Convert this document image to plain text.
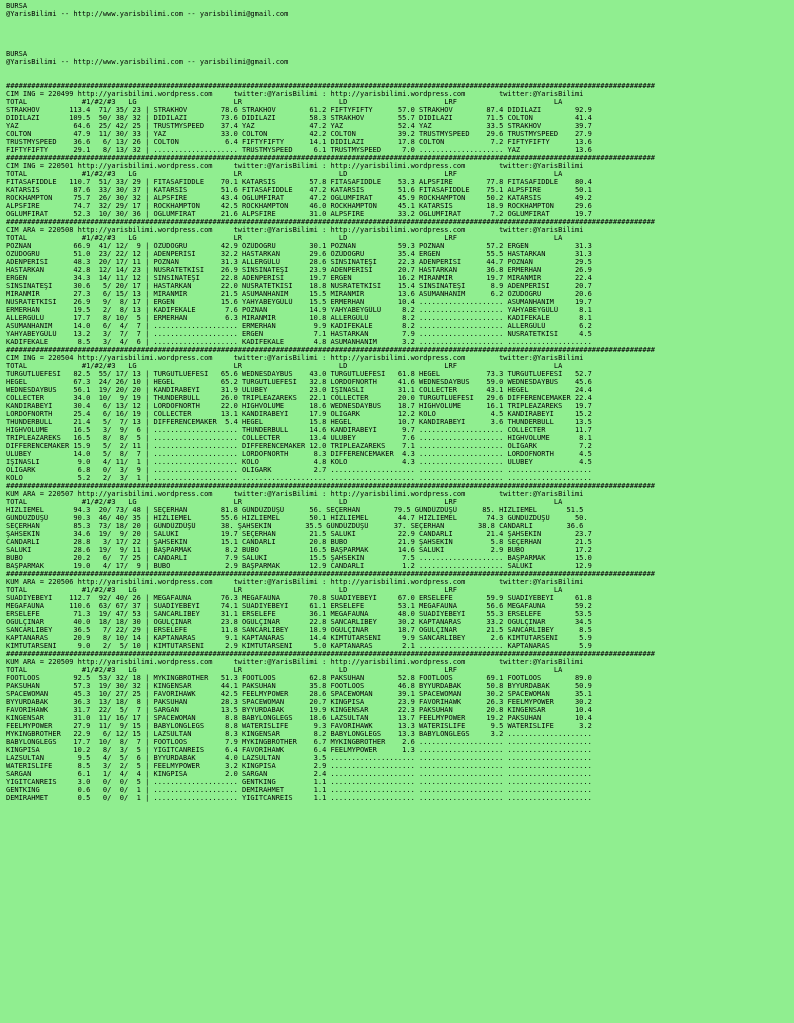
BURSA
@YarisBilimi -- http://www.yarisbilimi.com -- yarisbilimi@gmail.com
BURSA
@YarisBilimi -- http://www.yarisbilimi.com -- yarisbilimi@gmail.com
##########################################################################################################################################################
CIM ING = 220499 http://yarisbilimi.wordpress.com     twitter:@YarisBilimi : http://yarisbilimi.wordpress.com        twitter:@YarisBilimi
TOTAL             #1/#2/#3   LG                       LR                       LD                       LRF                       LA
STRAKHOV       113.4  71/ 35/ 23 | STRAKHOV        78.6 STRAKHOV        61.2 FIFTYFIFTY      57.0 STRAKHOV        87.4 DİDİLAZI        92.9
DİDİLAZI       109.5  50/ 38/ 32 | DİDİLAZI        73.6 DİDİLAZI        58.3 STRAKHOV        55.7 DİDİLAZI        71.5 COLTON          41.4
YAZ             64.6  25/ 42/ 25 | TRUSTMYSPEED    37.4 YAZ             47.2 YAZ             52.4 YAZ             33.5 STRAKHOV        39.7
COLTON          47.9  11/ 30/ 33 | YAZ             33.0 COLTON          42.2 COLTON          39.2 TRUSTMYSPEED    29.6 TRUSTMYSPEED    27.9
TRUSTMYSPEED    36.6   6/ 13/ 26 | COLTON           6.4 FIFTYFIFTY      14.1 DİDİLAZI        17.8 COLTON           7.2 FIFTYFIFTY      13.6
FIFTYFIFTY      29.1   8/ 13/ 32 | .................... TRUSTMYSPEED     6.1 TRUSTMYSPEED     7.0 .................... YAZ             13.6
##########################################################################################################################################################
CIM ING = 220501 http://yarisbilimi.wordpress.com     twitter:@YarisBilimi : http://yarisbilimi.wordpress.com        twitter:@YarisBilimi
TOTAL             #1/#2/#3   LG                       LR                       LD                       LRF                       LA
FITASAFIDDLE   110.7  51/ 33/ 29 | FITASAFIDDLE    70.1 KATARSİS        57.8 FITASAFIDDLE    53.3 ALPSFIRE        77.8 FITASAFIDDLE    80.4
KATARSİS        87.6  33/ 30/ 37 | KATARSİS        51.6 FITASAFIDDLE    47.2 KATARSİS        51.6 FITASAFIDDLE    75.1 ALPSFIRE        50.1
ROCKHAMPTON     75.7  26/ 30/ 32 | ALPSFIRE        43.4 OĞLUMFIRAT      47.2 OĞLUMFIRAT      45.9 ROCKHAMPTON     50.2 KATARSİS        49.2
ALPSFIRE        74.7  32/ 29/ 17 | ROCKHAMPTON     42.5 ROCKHAMPTON     46.0 ROCKHAMPTON     45.1 KATARSİS        18.9 ROCKHAMPTON     29.6
OĞLUMFIRAT      52.3  10/ 30/ 36 | OĞLUMFIRAT      21.6 ALPSFIRE        31.0 ALPSFIRE        33.2 OĞLUMFIRAT       7.2 OĞLUMFIRAT      19.7
##########################################################################################################################################################
CIM ARA = 220508 http://yarisbilimi.wordpress.com     twitter:@YarisBilimi : http://yarisbilimi.wordpress.com        twitter:@YarisBilimi
TOTAL             #1/#2/#3   LG                       LR                       LD                       LRF                       LA
POZNAN          66.9  41/ 12/  9 | ÖZÜDOĞRU        42.9 ÖZÜDOĞRU        30.1 POZNAN          59.3 POZNAN          57.2 ERGEN           31.3
ÖZÜDOĞRU        51.0  23/ 22/ 12 | ADENPERİSİ      32.2 HASTARKAN       29.6 ÖZÜDOĞRU        35.4 ERGEN           55.5 HASTARKAN       31.3
ADENPERİSİ      48.3  20/ 17/ 11 | POZNAN          31.3 ALLERGÜLÜ       28.6 SİNSİNATEŞİ     22.3 ADENPERİSİ      44.7 POZNAN          29.5
HASTARKAN       42.8  12/ 14/ 23 | NUSRATETKİSİ    26.9 SİNSİNATEŞİ     23.9 ADENPERİSİ      20.7 HASTARKAN       36.8 ERMERHAN        26.9
ERGEN           34.3  14/ 11/ 12 | SİNSİNATEŞİ     22.8 ADENPERİSİ      19.7 ERGEN           16.2 MİRANMİR        19.7 MİRANMİR        22.4
SİNSİNATEŞİ     30.6   5/ 20/ 17 | HASTARKAN       22.0 NUSRATETKİSİ    18.8 NUSRATETKİSİ    15.4 SİNSİNATEŞİ      8.9 ADENPERİSİ      20.7
MİRANMİR        27.3   6/ 15/ 13 | MİRANMİR        21.5 ASUMANHANIM     15.5 MİRANMİR        13.6 ASUMANHANIM      6.2 ÖZÜDOĞRU        20.6
NUSRATETKİSİ    26.9   9/  8/ 17 | ERGEN           15.6 YAHYABEYGÜLÜ    15.5 ERMERHAN        10.4 .................... ASUMANHANIM     19.7
ERMERHAN        19.5   2/  8/ 13 | KADİFEKALE       7.6 POZNAN          14.9 YAHYABEYGÜLÜ     8.2 .................... YAHYABEYGÜLÜ     8.1
ALLERGÜLÜ       17.7   8/ 10/  5 | ERMERHAN         6.3 MİRANMİR        10.8 ALLERGÜLÜ        8.2 .................... KADİFEKALE       8.1
ASUMANHANIM     14.0   6/  4/  7 | .................... ERMERHAN         9.9 KADİFEKALE       8.2 .................... ALLERGÜLÜ        6.2
YAHYABEYGÜLÜ    13.2   3/  7/  7 | .................... ERGEN            7.1 HASTARKAN        7.9 .................... NUSRATETKİSİ     4.5
KADİFEKALE       8.5   3/  4/  6 | .................... KADİFEKALE       4.8 ASUMANHANIM      3.2 .................... ....................
##########################################################################################################################################################
CIM ING = 220504 http://yarisbilimi.wordpress.com     twitter:@YarisBilimi : http://yarisbilimi.wordpress.com        twitter:@YarisBilimi
TOTAL             #1/#2/#3   LG                       LR                       LD                       LRF                       LA
TURGUTLUEFESİ   82.5  55/ 17/ 13 | TURGUTLUEFESİ   65.6 WEDNESDAYBUS    43.0 TURGUTLUEFESİ   61.8 HEGEL           73.3 TURGUTLUEFESİ   52.7
HEGEL           67.3  24/ 26/ 10 | HEGEL           65.2 TURGUTLUEFESİ   32.8 LORDOFNORTH     41.6 WEDNESDAYBUS    59.0 WEDNESDAYBUS    45.6
WEDNESDAYBUS    56.1  19/ 20/ 20 | KANDIRABEYİ     31.9 ULUBEY          23.0 IŞINASLI        31.1 COLLECTER       43.1 HEGEL           24.4
COLLECTER       34.0  10/  9/ 19 | THUNDERBULL     26.0 TRIPLEAZAREKS   22.1 COLLECTER       20.0 TURGUTLUEFESİ   29.6 DIFFERENCEMAKER 22.4
KANDIRABEYİ     30.4   6/ 13/ 12 | LORDOFNORTH     22.0 HIGHVOLUME      18.6 WEDNESDAYBUS    18.7 HIGHVOLUME      16.1 TRIPLEAZAREKS   19.7
LORDOFNORTH     25.4   6/ 16/ 19 | COLLECTER       13.1 KANDIRABEYİ     17.9 OLİGARK         12.2 KOLO             4.5 KANDIRABEYİ     15.2
THUNDERBULL     21.4   5/  7/ 13 | DIFFERENCEMAKER  5.4 HEGEL           15.8 HEGEL           10.7 KANDIRABEYİ      3.6 THUNDERBULL     13.5
HIGHVOLUME      16.5   3/  9/  6 | .................... THUNDERBULL     14.6 KANDIRABEYİ      9.7 .................... COLLECTER       11.7
TRIPLEAZAREKS   16.5   8/  8/  5 | .................... COLLECTER       13.4 ULUBEY           7.6 .................... HIGHVOLUME       8.1
DIFFERENCEMAKER 15.9   5/  2/ 11 | .................... DIFFERENCEMAKER 12.0 TRIPLEAZAREKS    7.1 .................... OLİGARK          7.2
ULUBEY          14.0   5/  8/  7 | .................... LORDOFNORTH      8.3 DIFFERENCEMAKER  4.3 .................... LORDOFNORTH      4.5
IŞINASLI         9.0   4/ 11/  1 | .................... KOLO             4.8 KOLO             4.3 .................... ULUBEY           4.5
OLİGARK          6.8   0/  3/  9 | .................... OLİGARK          2.7 .................... .................... ....................
KOLO             5.2   2/  3/  1 | .................... .................... .................... .................... ....................
##########################################################################################################################################################
KUM ARA = 220507 http://yarisbilimi.wordpress.com     twitter:@YarisBilimi : http://yarisbilimi.wordpress.com        twitter:@YarisBilimi
TOTAL             #1/#2/#3   LG                       LR                       LD                       LRF                       LA
HIZLIEMEL       94.3  20/ 73/ 48 | SEÇERHAN        81.8 GÜNDÜZDÜŞÜ      56. SEÇERHAN        79.5 GÜNDÜZDÜŞÜ      85. HIZLIEMEL       51.5
GÜNDÜZDÜŞÜ      90.3  46/ 40/ 35 | HIZLIEMEL       55.6 HIZLIEMEL       50.1 HIZLIEMEL       44.7 HIZLIEMEL       74.3 GÜNDÜZDÜŞÜ      50.
SEÇERHAN        85.3  73/ 18/ 20 | GÜNDÜZDÜŞÜ      38. ŞAHSEKİN        35.5 GÜNDÜZDÜŞÜ      37. SEÇERHAN        38.8 CANDARLI        36.6
ŞAHSEKİN        34.6  19/  9/ 20 | SALUKİ          19.7 SEÇERHAN        21.5 SALUKİ          22.9 CANDARLI        21.4 ŞAHSEKİN        23.7
CANDARLI        28.8   3/ 17/ 22 | ŞAHSEKİN        15.1 CANDARLI        20.8 BUBO            21.9 ŞAHSEKİN         5.8 SEÇERHAN        21.5
SALUKİ          28.6  19/  9/ 11 | BAŞPARMAK        8.2 BUBO            16.5 BAŞPARMAK       14.6 SALUKİ           2.9 BUBO            17.2
BUBO            20.2   6/  7/ 25 | CANDARLI         7.9 SALUKİ          15.5 ŞAHSEKİN         7.5 .................... BAŞPARMAK       15.0
BAŞPARMAK       19.0   4/ 17/  9 | BUBO             2.9 BAŞPARMAK       12.9 CANDARLI         1.2 .................... SALUKİ          12.9
##########################################################################################################################################################
KUM ARA = 220506 http://yarisbilimi.wordpress.com     twitter:@YarisBilimi : http://yarisbilimi.wordpress.com        twitter:@YarisBilimi
TOTAL             #1/#2/#3   LG                       LR                       LD                       LRF                       LA
SUADİYEBEYİ    112.7  92/ 40/ 26 | MEGAFAUNA       76.3 MEGAFAUNA       70.8 SUADİYEBEYİ     67.0 ERSELEFE        59.9 SUADİYEBEYİ     61.8
MEGAFAUNA      110.6  63/ 67/ 37 | SUADİYEBEYİ     74.1 SUADİYEBEYİ     61.1 ERSELEFE        53.1 MEGAFAUNA       56.6 MEGAFAUNA       59.2
ERSELEFE        71.3  19/ 47/ 53 | SANCARLIBEY     31.1 ERSELEFE        36.1 MEGAFAUNA       48.0 SUADİYEBEYİ     55.3 ERSELEFE        53.5
OĞULÇINAR       40.0  18/ 18/ 30 | OĞULÇINAR       23.8 OĞULÇINAR       22.8 SANCARLIBEY     30.2 KAPTANARAS      33.2 OĞULÇINAR       34.5
SANCARLIBEY     36.5   7/ 22/ 29 | ERSELEFE        11.8 SANCARLIBEY     18.9 OĞULÇINAR       18.7 OĞULÇINAR       21.5 SANCARLIBEY      8.5
KAPTANARAS      20.9   8/ 10/ 14 | KAPTANARAS       9.1 KAPTANARAS      14.4 KİMTUTARSENİ     9.9 SANCARLIBEY      2.6 KİMTUTARSENİ     5.9
KİMTUTARSENİ     9.0   2/  5/ 10 | KİMTUTARSENİ     2.9 KİMTUTARSENİ     5.0 KAPTANARAS       2.1 .................... KAPTANARAS       5.9
##########################################################################################################################################################
KUM ARA = 220509 http://yarisbilimi.wordpress.com     twitter:@YarisBilimi : http://yarisbilimi.wordpress.com        twitter:@YarisBilimi
TOTAL             #1/#2/#3   LG                       LR                       LD                       LRF                       LA
FOOTLOOS        92.5  53/ 32/ 18 | MYKINGBROTHER   51.3 FOOTLOOS        62.8 PAKSUHAN        52.8 FOOTLOOS        69.1 FOOTLOOS        89.0
PAKSUHAN        57.3  19/ 30/ 32 | KINGENSAR       44.1 PAKSUHAN        35.8 FOOTLOOS        46.8 BYYURDABAK      50.8 BYYURDABAK      50.9
SPACEWOMAN      45.3  10/ 27/ 25 | FAVORİHAWK      42.5 FEELMYPOWER     28.6 SPACEWOMAN      39.1 SPACEWOMAN      30.2 SPACEWOMAN      35.1
BYYURDABAK      36.3  13/ 18/  8 | PAKSUHAN        28.3 SPACEWOMAN      20.7 KINGPISA        23.9 FAVORİHAWK      26.3 FEELMYPOWER     30.2
FAVORİHAWK      31.7  22/  5/  7 | SARGAN          13.5 BYYURDABAK      19.9 KINGENSAR       22.3 PAKSUHAN        20.8 KINGENSAR       10.4
KINGENSAR       31.0  11/ 16/ 17 | SPACEWOMAN       8.8 BABYLONGLEGS    18.6 LAZSULTAN       13.7 FEELMYPOWER     19.2 PAKSUHAN        10.4
FEELMYPOWER     27.9  11/  9/ 15 | BABYLONGLEGS     8.8 WATERISLIFE      9.3 FAVORİHAWK      13.3 WATERISLIFE      9.5 WATERISLIFE      3.2
MYKINGBROTHER   22.9   6/ 12/ 15 | LAZSULTAN        8.3 KINGENSAR        8.2 BABYLONGLEGS    13.3 BABYLONGLEGS     3.2 ....................
BABYLONGLEGS    17.7  10/  8/  7 | FOOTLOOS         7.9 MYKINGBROTHER    6.7 MYKINGBROTHER    2.6 .................... ....................
KINGPISA        10.2   8/  3/  5 | YİĞİTCANREİS     6.4 FAVORİHAWK       6.4 FEELMYPOWER      1.3 .................... ....................
LAZSULTAN        9.5   4/  5/  6 | BYYURDABAK       4.0 LAZSULTAN        3.5 .................... .................... ....................
WATERISLIFE      8.5   3/  2/  5 | FEELMYPOWER      3.2 KINGPISA         2.9 .................... .................... ....................
SARGAN           6.1   1/  4/  4 | KINGPISA         2.0 SARGAN           2.4 .................... .................... ....................
YİĞİTCANREİS     3.0   0/  0/  5 | .................... GENTKING         1.1 .................... .................... ....................
GENTKING         0.6   0/  0/  1 | .................... DEMİRAHMET       1.1 .................... .................... ....................
DEMİRAHMET       0.5   0/  0/  1 | .................... YİĞİTCANREİS     1.1 .................... .................... ....................
